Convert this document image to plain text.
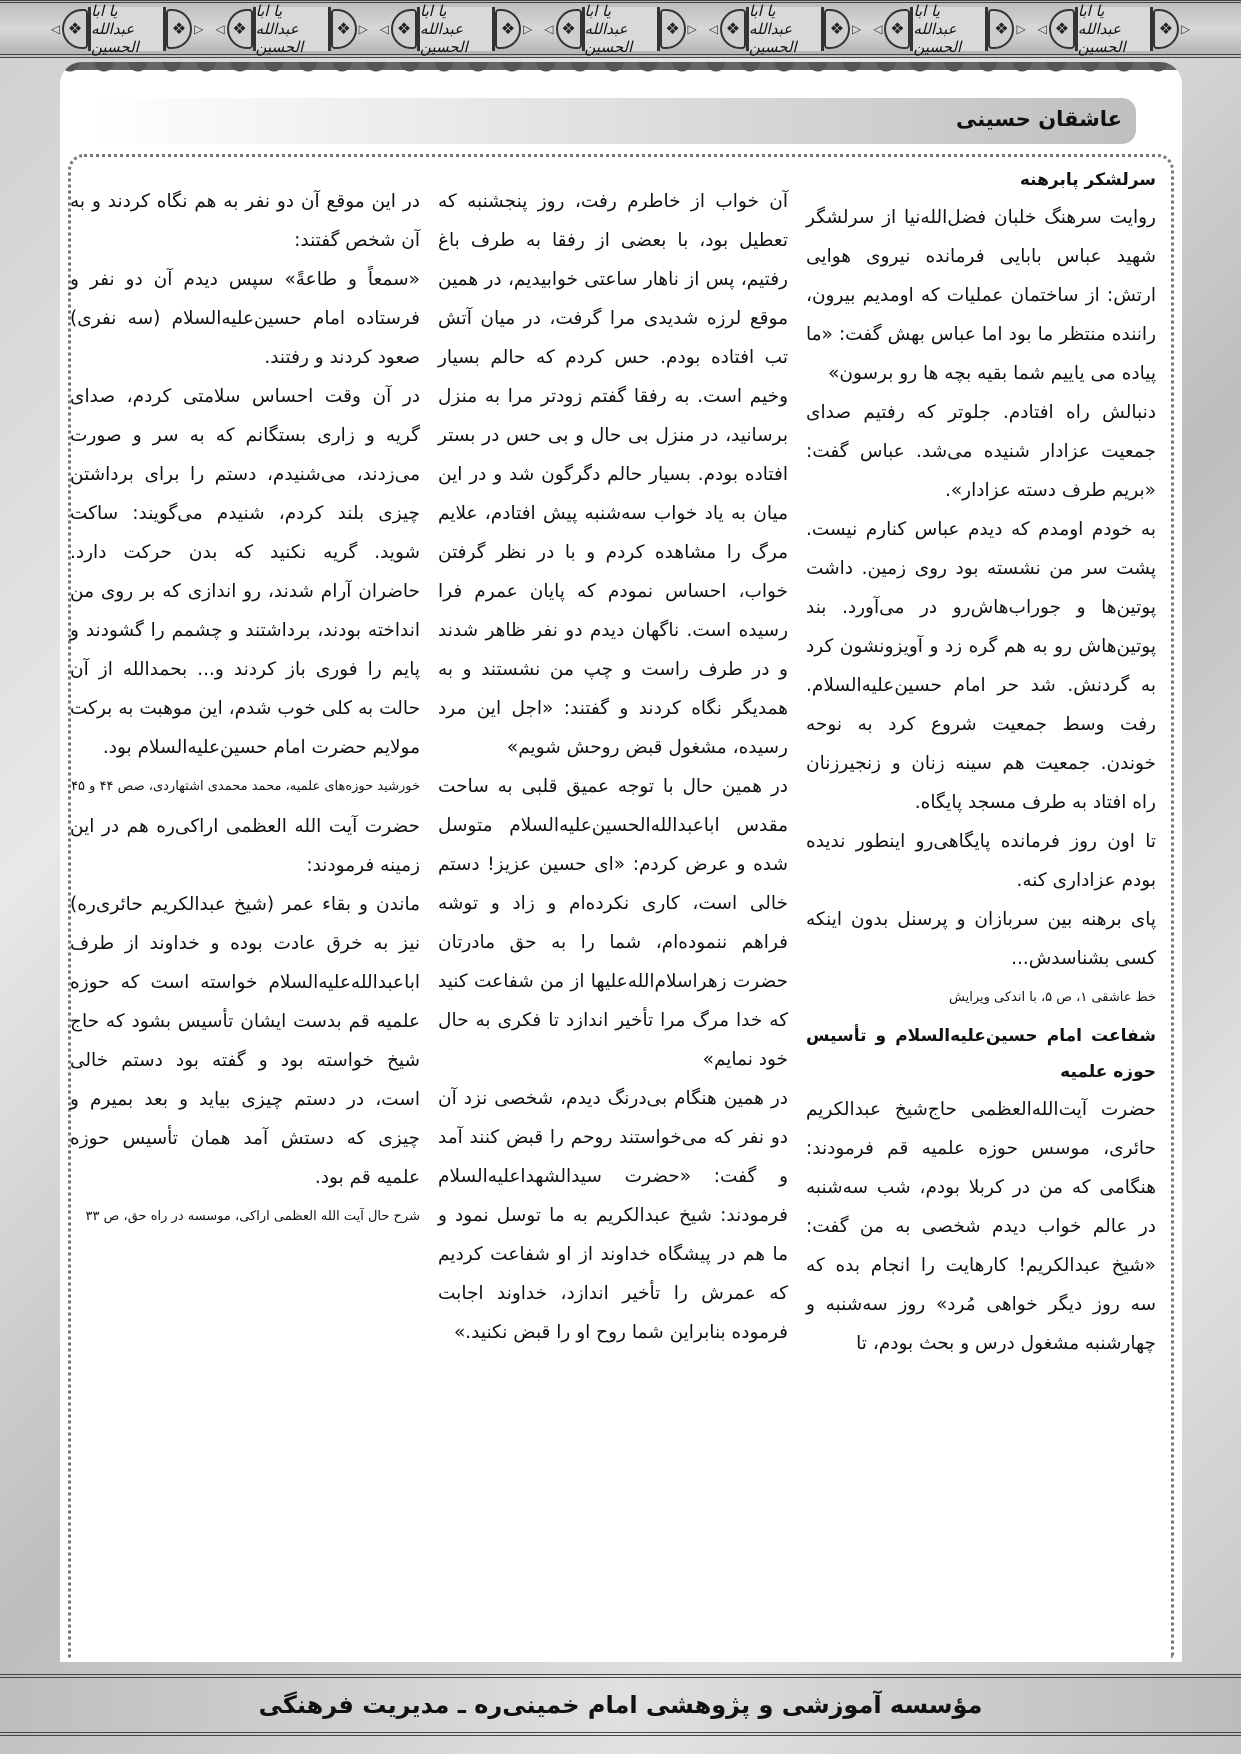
◁ ❖
یا ابا عبدالله الحسین
❖ ▷ ◁ ❖
یا ابا عبدالله الحسین
❖ ▷ ◁ ❖
یا ابا عبدالله الحسین
❖ ▷ ◁ ❖
یا ابا عبدالله الحسین
❖ ▷ ◁ ❖
یا ابا عبدالله الحسین
❖ ▷ ◁ ❖
یا ابا عبدالله الحسین
❖ ▷ ◁ ❖
یا ابا عبدالله الحسین
❖ ▷
عاشقان حسینی

سرلشکر پابرهنه

روایت سرهنگ خلبان فضل‌الله‌نیا از سرلشگر شهید عباس بابایی فرمانده نیروی هوایی ارتش: از ساختمان عملیات که اومدیم بیرون، راننده منتظر ما بود اما عباس بهش گفت: «ما پیاده می یاییم شما بقیه بچه ها رو برسون»

دنبالش راه افتادم. جلوتر که رفتیم صدای جمعیت عزادار شنیده می‌شد. عباس گفت: «بریم طرف دسته عزادار».

به خودم اومدم که دیدم عباس کنارم نیست. پشت سر من نشسته بود روی زمین. داشت پوتین‌ها و جوراب‌هاش‌رو در می‌آورد. بند پوتین‌هاش رو به هم گره زد و آویزونشون کرد به گردنش. شد حر امام حسین‌علیه‌السلام. رفت وسط جمعیت شروع کرد به نوحه خوندن. جمعیت هم سینه زنان و زنجیرزنان راه افتاد به طرف مسجد پایگاه.

تا اون روز فرمانده پایگاهی‌رو اینطور ندیده بودم عزاداری کنه.

پای برهنه بین سربازان و پرسنل بدون اینکه کسی بشناسدش...

خط عاشقی ۱، ص ۵، با اندکی ویرایش

شفاعت امام حسین‌علیه‌السلام و تأسیس حوزه علمیه

حضرت آیت‌الله‌العظمی حاج‌شیخ عبدالکریم حائری، موسس حوزه علمیه قم فرمودند: هنگامی که من در کربلا بودم، شب سه‌شنبه در عالم خواب دیدم شخصی به من گفت: «شیخ عبدالکریم! کارهایت را انجام بده که سه روز دیگر خواهی مُرد» روز سه‌شنبه و چهارشنبه مشغول درس و بحث بودم، تا

آن خواب از خاطرم رفت، روز پنجشنبه که تعطیل بود، با بعضی از رفقا به طرف باغ رفتیم، پس از ناهار ساعتی خوابیدیم، در همین موقع لرزه شدیدی مرا گرفت، در میان آتش تب افتاده بودم. حس کردم که حالم بسیار وخیم است. به رفقا گفتم زودتر مرا به منزل برسانید، در منزل بی حال و بی حس در بستر افتاده بودم. بسیار حالم دگرگون شد و در این میان به یاد خواب سه‌شنبه پیش افتادم، علایم مرگ را مشاهده کردم و با در نظر گرفتن خواب، احساس نمودم که پایان عمرم فرا رسیده است. ناگهان دیدم دو نفر ظاهر شدند و در طرف راست و چپ من نشستند و به همدیگر نگاه کردند و گفتند: «اجل این مرد رسیده، مشغول قبض روحش شویم»

در همین حال با توجه عمیق قلبی به ساحت مقدس اباعبدالله‌الحسین‌علیه‌السلام متوسل شده و عرض کردم: «ای حسین عزیز! دستم خالی است، کاری نکرده‌ام و زاد و توشه فراهم ننموده‌ام، شما را به حق مادرتان حضرت زهراسلام‌الله‌علیها از من شفاعت کنید که خدا مرگ مرا تأخیر اندازد تا فکری به حال خود نمایم»

در همین هنگام بی‌درنگ دیدم، شخصی نزد آن دو نفر که می‌خواستند روحم را قبض کنند آمد و گفت: «حضرت سیدالشهداعلیه‌السلام فرمودند: شیخ عبدالکریم به ما توسل نمود و ما هم در پیشگاه خداوند از او شفاعت کردیم که عمرش را تأخیر اندازد، خداوند اجابت فرموده بنابراین شما روح او را قبض نکنید.»

در این موقع آن دو نفر به هم نگاه کردند و به آن شخص گفتند:

«سمعاً و طاعةً» سپس دیدم آن دو نفر و فرستاده امام حسین‌علیه‌السلام (سه نفری) صعود کردند و رفتند.

در آن وقت احساس سلامتی کردم، صدای گریه و زاری بستگانم که به سر و صورت می‌زدند، می‌شنیدم، دستم را برای برداشتن چیزی بلند کردم، شنیدم می‌گویند: ساکت شوید. گریه نکنید که بدن حرکت دارد. حاضران آرام شدند، رو اندازی که بر روی من انداخته بودند، برداشتند و چشمم را گشودند و پایم را فوری باز کردند و... بحمدالله از آن حالت به کلی خوب شدم، این موهبت به برکت مولایم حضرت امام حسین‌علیه‌السلام بود.

خورشید حوزه‌های علمیه، محمد محمدی اشتهاردی، صص ۴۴ و ۴۵

حضرت آیت الله العظمی اراکی‌ره هم در این زمینه فرمودند:

ماندن و بقاء عمر (شیخ عبدالکریم حائری‌ره) نیز به خرق عادت بوده و خداوند از طرف اباعبدالله‌علیه‌السلام خواسته است که حوزه علمیه قم بدست ایشان تأسیس بشود که حاج شیخ خواسته بود و گفته بود دستم خالی است، در دستم چیزی بیاید و بعد بمیرم و چیزی که دستش آمد همان تأسیس حوزه علمیه قم بود.

شرح حال آیت الله العظمی اراکی، موسسه در راه حق، ص ۳۳

مؤسسه آموزشی و پژوهشی امام خمینی‌ره ـ مدیریت فرهنگی
